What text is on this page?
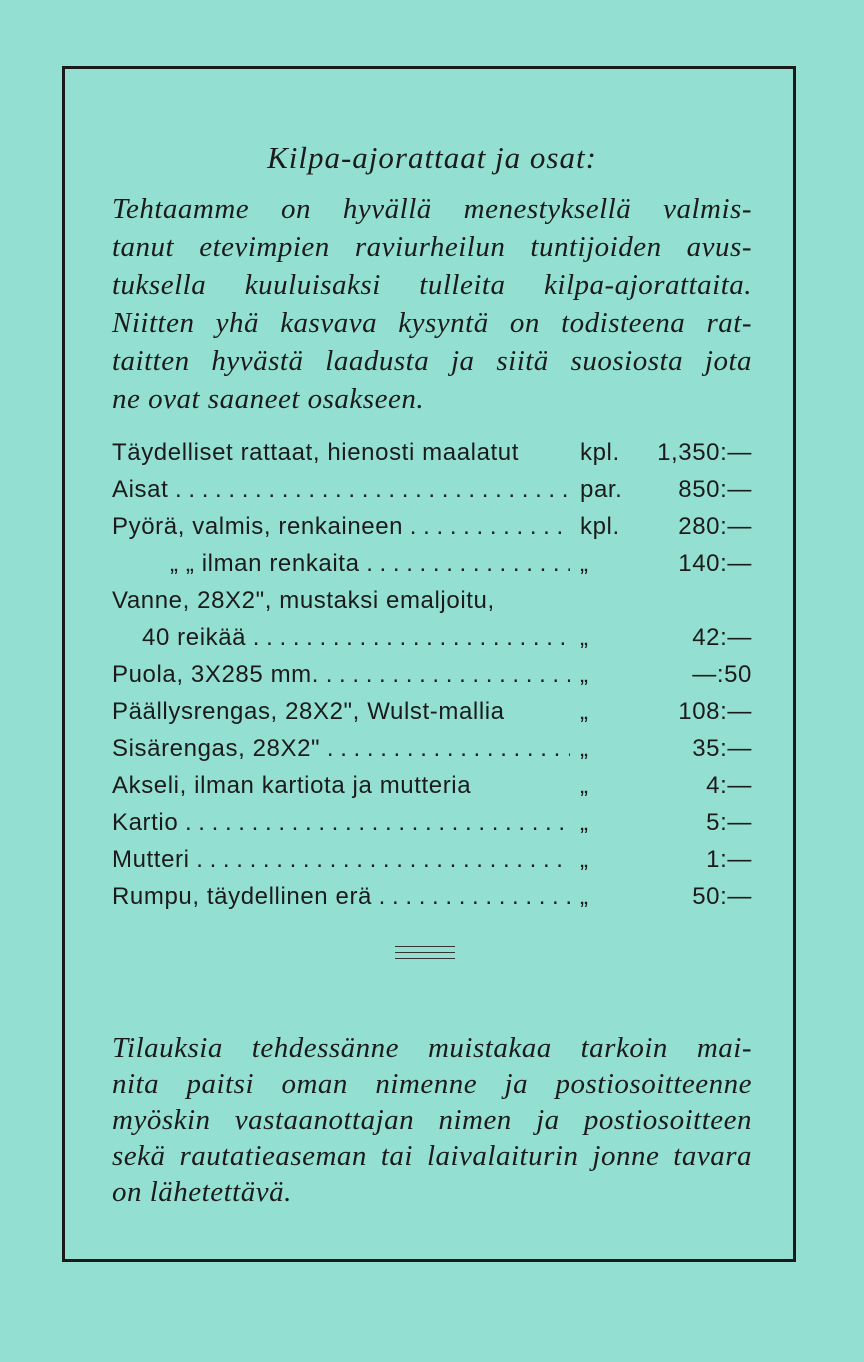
Kilpa-ajorattaat ja osat:
Tehtaamme on hyvällä menestyksellä valmis-
tanut etevimpien raviurheilun tuntijoiden avus-
tuksella kuuluisaksi tulleita kilpa-ajorattaita.
Niitten yhä kasvava kysyntä on todisteena rat-
taitten hyvästä laadusta ja siitä suosiosta jota
ne ovat saaneet osakseen.
Täydelliset rattaat, hienosti maalatut	kpl.	1,350:—
Aisat . . .	par.	850:—
Pyörä, valmis, renkaineen . . .	kpl.	280:—
„ „ ilman renkaita . . .	„	140:—
Vanne, 28X2", mustaksi emaljoitu,
40 reikää . . .	„	42:—
Puola, 3X285 mm. . . .	„	—:50
Päällysrengas, 28X2", Wulst-mallia	„	108:—
Sisärengas, 28X2" . . .	„	35:—
Akseli, ilman kartiota ja mutteria	„	4:—
Kartio . . .	„	5:—
Mutteri . . .	„	1:—
Rumpu, täydellinen erä . . .	„	50:—
Tilauksia tehdessänne muistakaa tarkoin mai-
nita paitsi oman nimenne ja postiosoitteenne
myöskin vastaanottajan nimen ja postiosoitteen
sekä rautatieaseman tai laivalaiturin jonne tavara
on lähetettävä.
